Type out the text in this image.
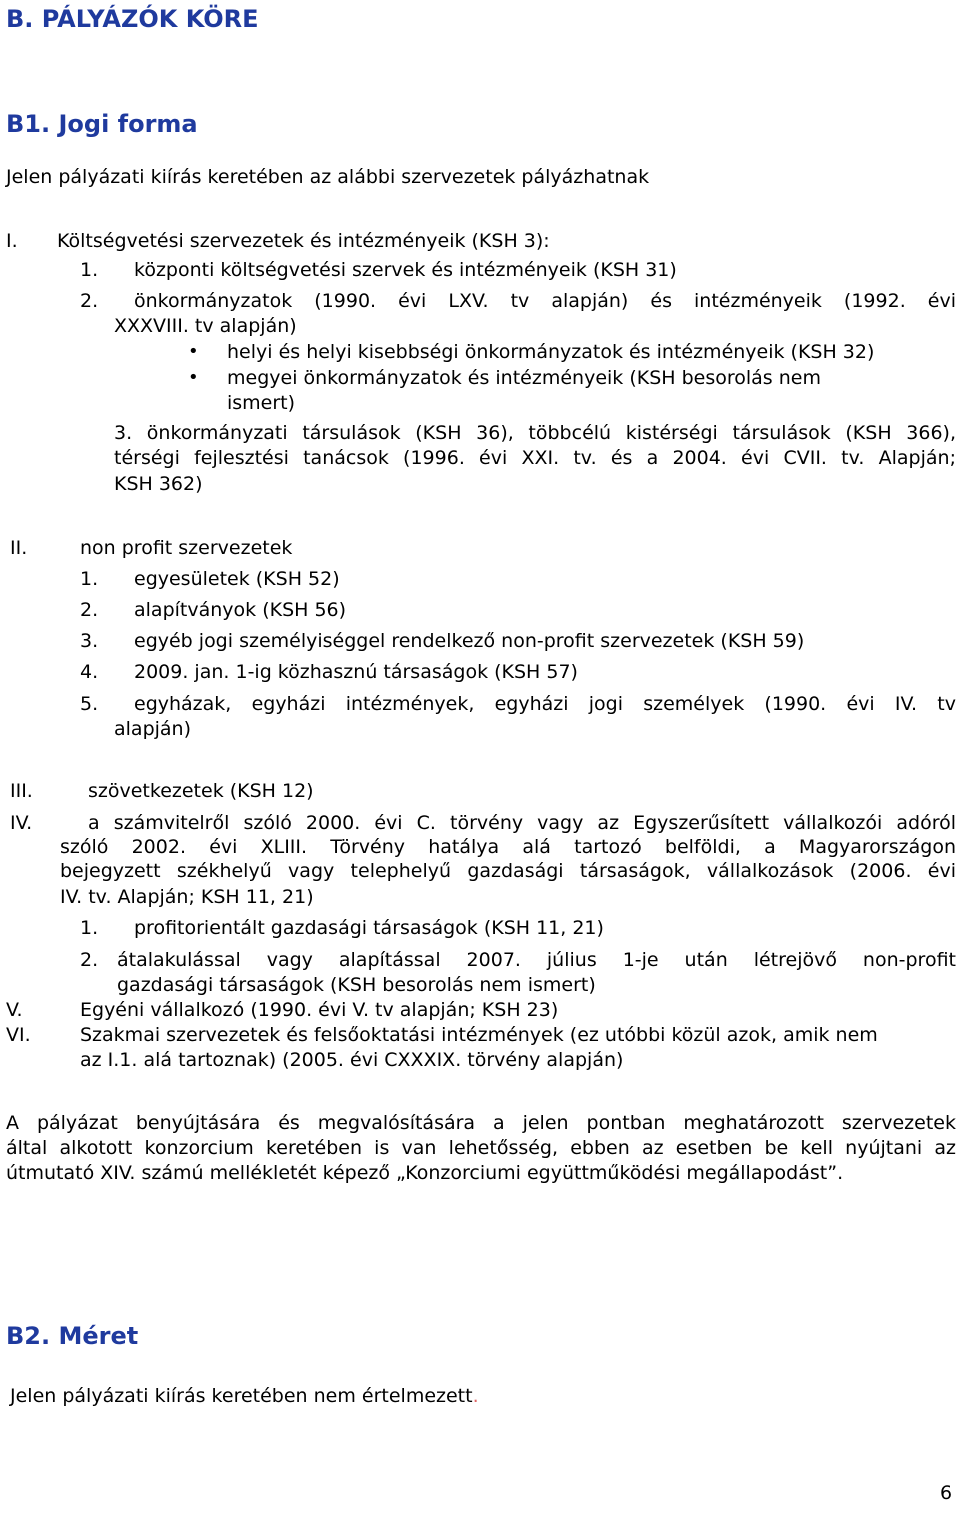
B. PÁLYÁZÓK KÖRE
B1. Jogi forma
Jelen pályázati kiírás keretében az alábbi szervezetek pályázhatnak
I. Költségvetési szervezetek és intézményeik (KSH 3):
1. központi költségvetési szervek és intézményeik (KSH 31)
2. önkormányzatok (1990. évi LXV. tv alapján) és intézményeik (1992. évi
XXXVIII. tv alapján)
• helyi és helyi kisebbségi önkormányzatok és intézményeik (KSH 32)
• megyei önkormányzatok és intézményeik (KSH besorolás nem
ismert)
3. önkormányzati társulások (KSH 36), többcélú kistérségi társulások (KSH 366),
térségi fejlesztési tanácsok (1996. évi XXI. tv. és a 2004. évi CVII. tv. Alapján;
KSH 362)
II.	non profit szervezetek
1. egyesületek (KSH 52)
2. alapítványok (KSH 56)
3. egyéb jogi személyiséggel rendelkező non-profit szervezetek (KSH 59)
4. 2009. jan. 1-ig közhasznú társaságok (KSH 57)
5. egyházak, egyházi intézmények, egyházi jogi személyek (1990. évi IV. tv
alapján)
III.	szövetkezetek (KSH 12)
IV.	a számvitelről szóló 2000. évi C. törvény vagy az Egyszerűsített vállalkozói adóról
szóló 2002. évi XLIII. Törvény hatálya alá tartozó belföldi, a Magyarországon
bejegyzett székhelyű vagy telephelyű gazdasági társaságok, vállalkozások (2006. évi
IV. tv. Alapján; KSH 11, 21)
1. profitorientált gazdasági társaságok (KSH 11, 21)
2. átalakulással vagy alapítással 2007. július 1-je után létrejövő non-profit
gazdasági társaságok (KSH besorolás nem ismert)
V.	Egyéni vállalkozó (1990. évi V. tv alapján; KSH 23)
VI.	Szakmai szervezetek és felsőoktatási intézmények (ez utóbbi közül azok, amik nem
az I.1. alá tartoznak) (2005. évi CXXXIX. törvény alapján)
A pályázat benyújtására és megvalósítására a jelen pontban meghatározott szervezetek
által alkotott konzorcium keretében is van lehetősség, ebben az esetben be kell nyújtani az
útmutató XIV. számú mellékletét képező „Konzorciumi együttműködési megállapodást”.
B2. Méret
Jelen pályázati kiírás keretében nem értelmezett.
6
